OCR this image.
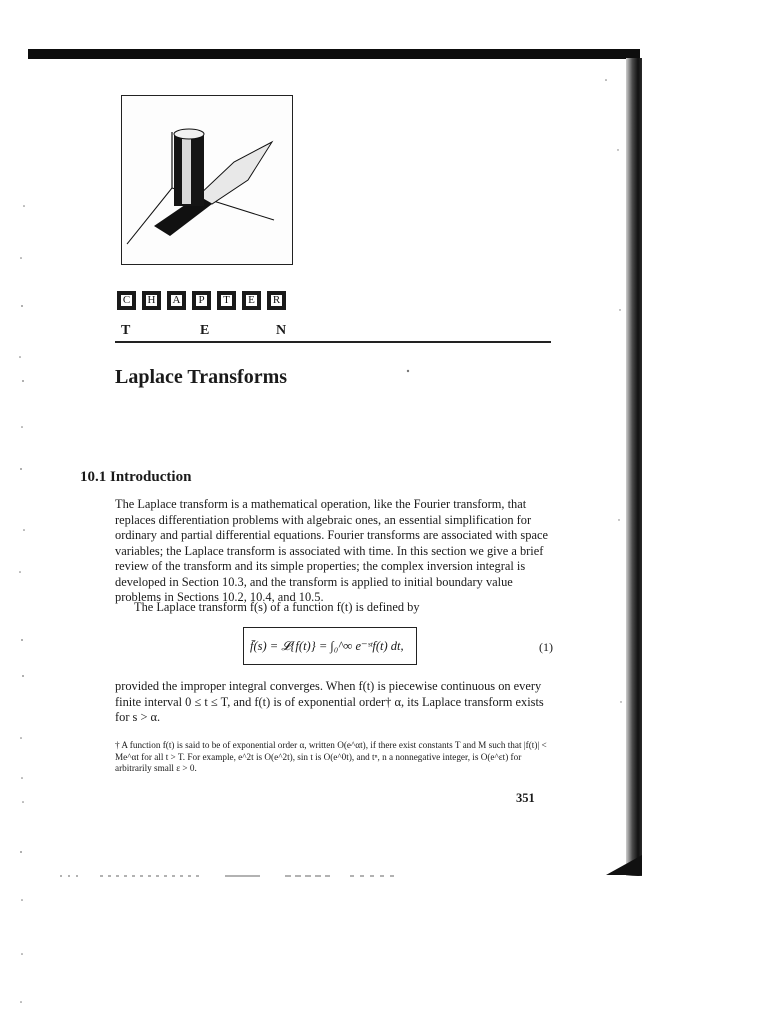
C H A P T E R
T	E	N
Laplace Transforms
10.1 Introduction

The Laplace transform is a mathematical operation, like the Fourier transform, that replaces differentiation problems with algebraic ones, an essential simplification for ordinary and partial differential equations. Fourier transforms are associated with space variables; the Laplace transform is associated with time. In this section we give a brief review of the transform and its simple properties; the complex inversion integral is developed in Section 10.3, and the transform is applied to initial boundary value problems in Sections 10.2, 10.4, and 10.5.

The Laplace transform f̄(s) of a function f(t) is defined by

f̄(s) = 𝓛{f(t)} = ∫₀^∞ e⁻ˢᵗf(t) dt,	(1)

provided the improper integral converges. When f(t) is piecewise continuous on every finite interval 0 ≤ t ≤ T, and f(t) is of exponential order† α, its Laplace transform exists for s > α.

† A function f(t) is said to be of exponential order α, written O(e^αt), if there exist constants T and M such that |f(t)| < Me^αt for all t > T. For example, e^2t is O(e^2t), sin t is O(e^0t), and tⁿ, n a nonnegative integer, is O(e^εt) for arbitrarily small ε > 0.

351
